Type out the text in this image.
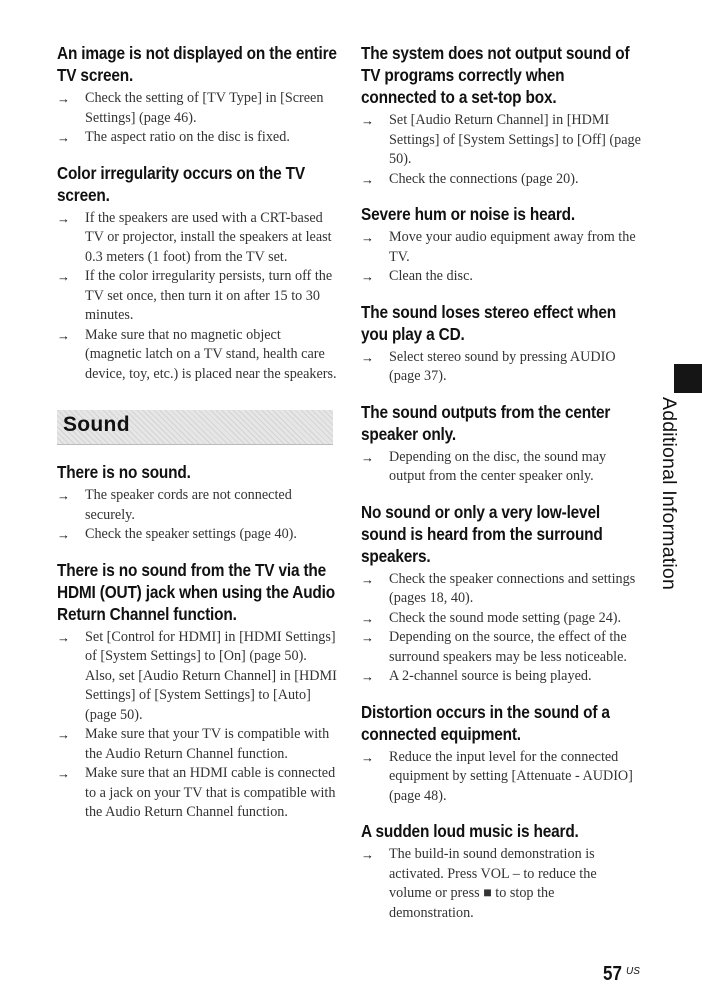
An image is not displayed on the entire TV screen.
→	Check the setting of [TV Type] in [Screen Settings] (page 46).
→	The aspect ratio on the disc is fixed.
Color irregularity occurs on the TV screen.
→	If the speakers are used with a CRT-based TV or projector, install the speakers at least 0.3 meters (1 foot) from the TV set.
→	If the color irregularity persists, turn off the TV set once, then turn it on after 15 to 30 minutes.
→	Make sure that no magnetic object (magnetic latch on a TV stand, health care device, toy, etc.) is placed near the speakers.
Sound
There is no sound.
→	The speaker cords are not connected securely.
→	Check the speaker settings (page 40).
There is no sound from the TV via the HDMI (OUT) jack when using the Audio Return Channel function.
→	Set [Control for HDMI] in [HDMI Settings] of [System Settings] to [On] (page 50). Also, set [Audio Return Channel] in [HDMI Settings] of [System Settings] to [Auto] (page 50).
→	Make sure that your TV is compatible with the Audio Return Channel function.
→	Make sure that an HDMI cable is connected to a jack on your TV that is compatible with the Audio Return Channel function.
The system does not output sound of TV programs correctly when connected to a set-top box.
→	Set [Audio Return Channel] in [HDMI Settings] of [System Settings] to [Off] (page 50).
→	Check the connections (page 20).
Severe hum or noise is heard.
→	Move your audio equipment away from the TV.
→	Clean the disc.
The sound loses stereo effect when you play a CD.
→	Select stereo sound by pressing AUDIO (page 37).
The sound outputs from the center speaker only.
→	Depending on the disc, the sound may output from the center speaker only.
No sound or only a very low-level sound is heard from the surround speakers.
→	Check the speaker connections and settings (pages 18, 40).
→	Check the sound mode setting (page 24).
→	Depending on the source, the effect of the surround speakers may be less noticeable.
→	A 2-channel source is being played.
Distortion occurs in the sound of a connected equipment.
→	Reduce the input level for the connected equipment by setting [Attenuate - AUDIO] (page 48).
A sudden loud music is heard.
→	The build-in sound demonstration is activated. Press VOL – to reduce the volume or press ■ to stop the demonstration.
Additional Information
57 US
